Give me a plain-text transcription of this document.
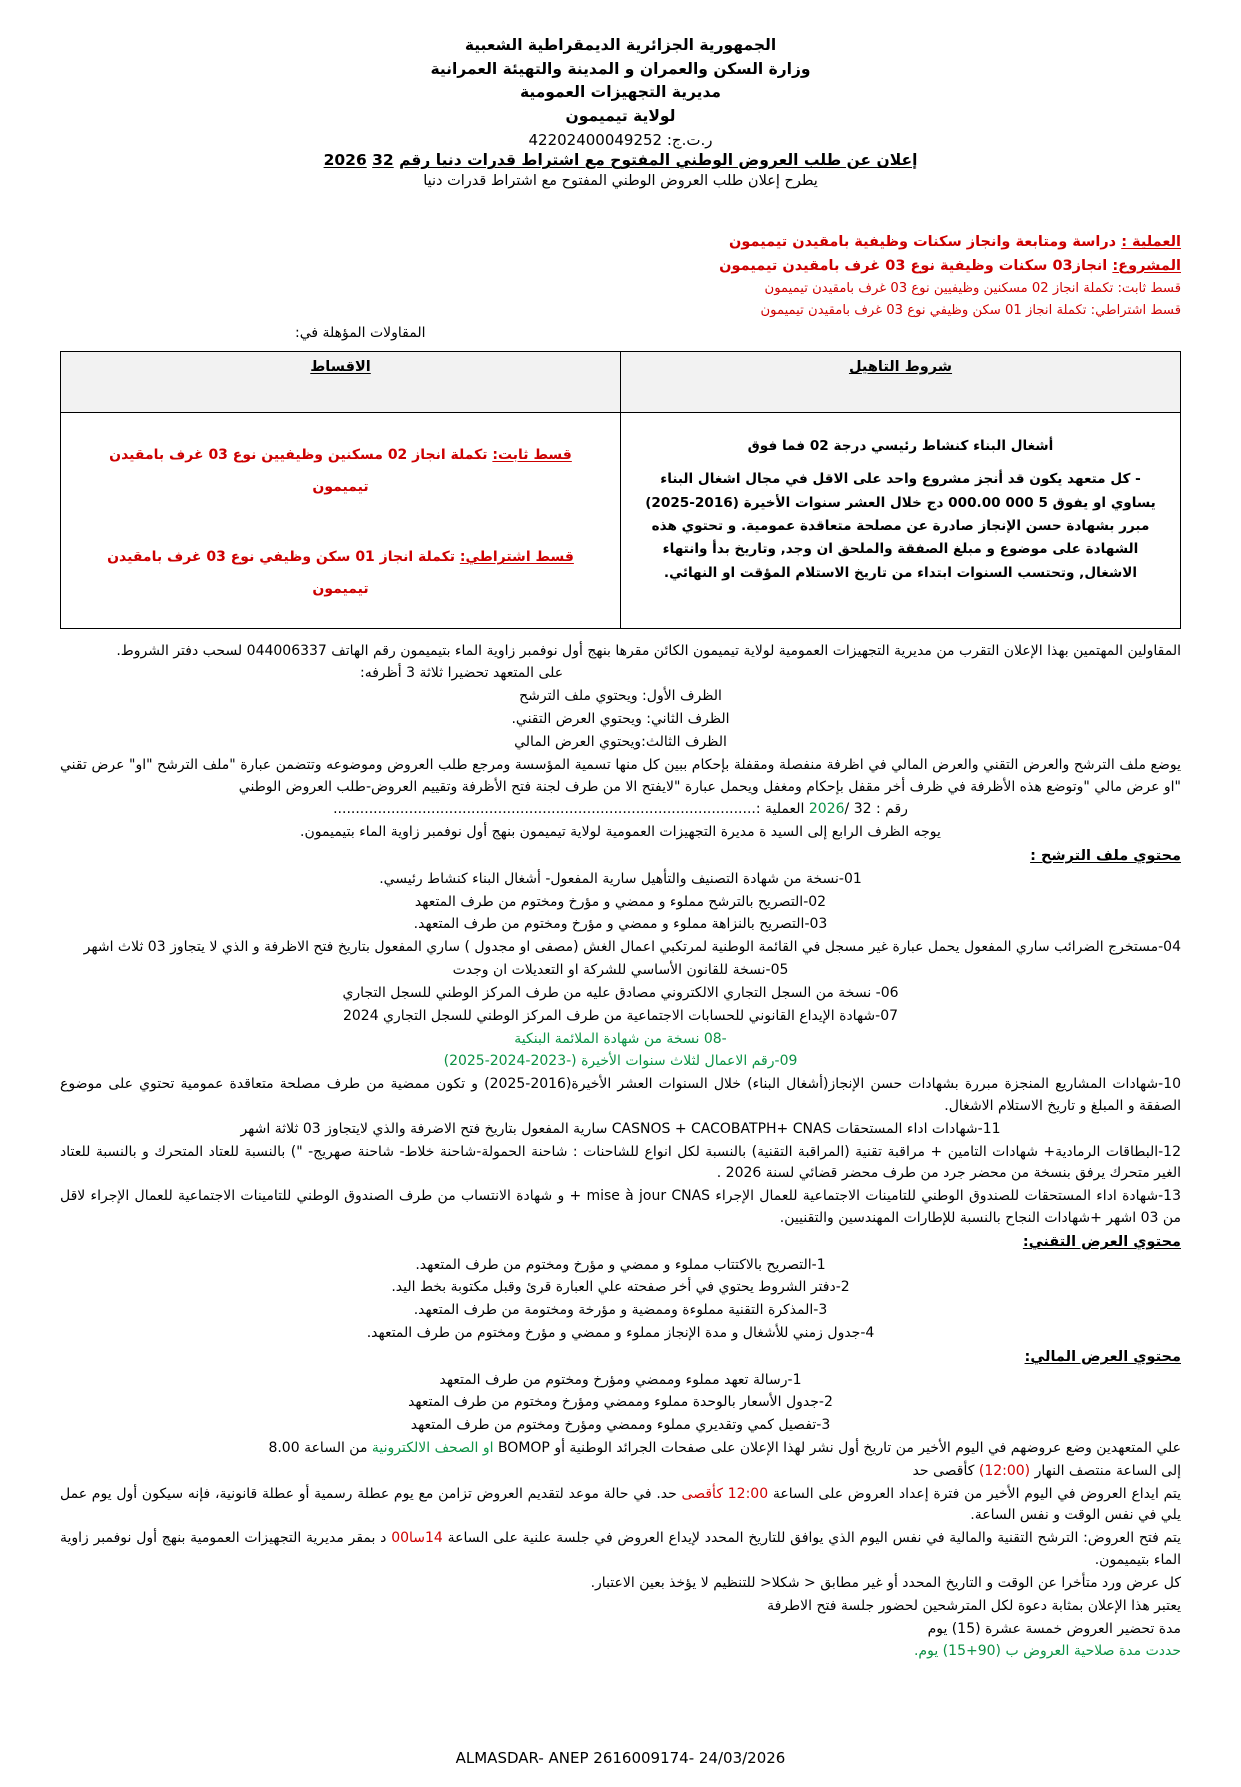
الجمهورية الجزائرية الديمقراطية الشعبية
وزارة السكن والعمران و المدينة والتهيئة العمرانية
مديرية التجهيزات العمومية
لولاية تيميمون
ر.ت.ج: 42202400049252
إعلان عن طلب العروض الوطني المفتوح مع اشتراط قدرات دنيا رقم 32 2026
يطرح إعلان طلب العروض الوطني المفتوح مع اشتراط قدرات دنيا
العملية : دراسة ومتابعة وانجاز سكنات وظيفية بامقيدن تيميمون
المشروع: انجاز03 سكنات وظيفية نوع 03 غرف بامقيدن تيميمون
قسط ثابت: تكملة انجاز 02 مسكنين وظيفيين نوع 03 غرف بامقيدن تيميمون
قسط اشتراطي: تكملة انجاز 01 سكن وظيفي نوع 03 غرف بامقيدن تيميمون
المقاولات المؤهلة في:
شروط التاهيل	الاقساط

أشغال البناء كنشاط رئيسي درجة 02 فما فوق
- كل متعهد يكون قد أنجز مشروع واحد على الاقل في مجال اشغال البناء يساوي او يفوق 5 000 000.00 دج خلال العشر سنوات الأخيرة (2016-2025) مبرر بشهادة حسن الإنجاز صادرة عن مصلحة متعاقدة عمومية. و تحتوي هذه الشهادة على موضوع و مبلغ الصفقة والملحق ان وجد, وتاريخ بدأ وانتهاء الاشغال, وتحتسب السنوات ابتداء من تاريخ الاستلام المؤقت او النهائي.

قسط ثابت: تكملة انجاز 02 مسكنين وظيفيين نوع 03 غرف بامقيدن
تيميمون
قسط اشتراطي: تكملة انجاز 01 سكن وظيفي نوع 03 غرف بامقيدن
تيميمون

المقاولين المهتمين بهذا الإعلان التقرب من مديرية التجهيزات العمومية لولاية تيميمون الكائن مقرها بنهج أول نوفمبر زاوية الماء بتيميمون رقم الهاتف 044006337 لسحب دفتر الشروط.

على المتعهد تحضيرا ثلاثة 3 أظرفه:

الظرف الأول: ويحتوي ملف الترشح

الظرف الثاني: ويحتوي العرض التقني.

الظرف الثالث:ويحتوي العرض المالي

يوضع ملف الترشح والعرض التقني والعرض المالي في اظرفة منفصلة ومقفلة بإحكام ببين كل منها تسمية المؤسسة ومرجع طلب العروض وموضوعه وتتضمن عبارة "ملف الترشح "او" عرض تقني "او عرض مالي "وتوضع هذه الأظرفة في ظرف أخر مقفل بإحكام ومغفل ويحمل عبارة "لايفتح الا من طرف لجنة فتح الأظرفة وتقييم العروض-طلب العروض الوطني

رقم : 32 /2026 العملية :...............................................................................................

يوجه الظرف الرابع إلى السيد ة مديرة التجهيزات العمومية لولاية تيميمون بنهج أول نوفمبر زاوية الماء بتيميمون.

محتوي ملف الترشح :

01-نسخة من شهادة التصنيف والتأهيل سارية المفعول- أشغال البناء كنشاط رئيسي.

02-التصريح بالترشح مملوء و ممضي و مؤرخ ومختوم من طرف المتعهد

03-التصريح بالنزاهة مملوء و ممضي و مؤرخ ومختوم من طرف المتعهد.

04-مستخرج الضرائب ساري المفعول يحمل عبارة غير مسجل في القائمة الوطنية لمرتكبي اعمال الغش (مصفى او مجدول ) ساري المفعول بتاريخ فتح الاظرفة و الذي لا يتجاوز 03 ثلاث اشهر

05-نسخة للقانون الأساسي للشركة او التعديلات ان وجدت

06- نسخة من السجل التجاري الالكتروني مصادق عليه من طرف المركز الوطني للسجل التجاري

07-شهادة الإيداع القانوني للحسابات الاجتماعية من طرف المركز الوطني للسجل التجاري 2024

-08 نسخة من شهادة الملائمة البنكية

09-رقم الاعمال لثلاث سنوات الأخيرة (-2023-2024-2025)

10-شهادات المشاريع المنجزة مبررة بشهادات حسن الإنجاز(أشغال البناء) خلال السنوات العشر الأخيرة(2016-2025) و تكون ممضية من طرف مصلحة متعاقدة عمومية تحتوي على موضوع الصفقة و المبلغ و تاريخ الاستلام الاشغال.

11-شهادات اداء المستحقات CASNOS + CACOBATPH+ CNAS سارية المفعول بتاريخ فتح الاضرفة والذي لايتجاوز 03 ثلاثة اشهر

12-البطاقات الرمادية+ شهادات التامين + مراقبة تقنية (المراقبة التقنية) بالنسبة لكل انواع للشاحنات : شاحنة الحمولة-شاحنة خلاط- شاحنة صهريج- ") بالنسبة للعتاد المتحرك و بالنسبة للعتاد الغير متحرك يرفق بنسخة من محضر جرد من طرف محضر قضائي لسنة 2026 .

13-شهادة اداء المستحقات للصندوق الوطني للتامينات الاجتماعية للعمال الإجراء mise à jour CNAS + و شهادة الانتساب من طرف الصندوق الوطني للتامينات الاجتماعية للعمال الإجراء لاقل من 03 اشهر +شهادات النجاح بالنسبة للإطارات المهندسين والتقنيين.

محتوي العرض التقني:

1-التصريح بالاكتتاب مملوء و ممضي و مؤرخ ومختوم من طرف المتعهد.

2-دفتر الشروط يحتوي في أخر صفحته علي العبارة قرئ وقبل مكتوبة بخط اليد.

3-المذكرة التقنية مملوءة وممضية و مؤرخة ومختومة من طرف المتعهد.

4-جدول زمني للأشغال و مدة الإنجاز مملوء و ممضي و مؤرخ ومختوم من طرف المتعهد.

محتوي العرض المالي:

1-رسالة تعهد مملوء وممضي ومؤرخ ومختوم من طرف المتعهد

2-جدول الأسعار بالوحدة مملوء وممضي ومؤرخ ومختوم من طرف المتعهد

3-تفصيل كمي وتقديري مملوء وممضي ومؤرخ ومختوم من طرف المتعهد

علي المتعهدين وضع عروضهم في اليوم الأخير من تاريخ أول نشر لهذا الإعلان على صفحات الجرائد الوطنية أو BOMOP او الصحف الالكترونية من الساعة 8.00

إلى الساعة منتصف النهار (12:00) كأقصى حد

يتم ايداع العروض في اليوم الأخير من فترة إعداد العروض على الساعة 12:00 كأقصى حد. في حالة موعد لتقديم العروض تزامن مع يوم عطلة رسمية أو عطلة قانونية، فإنه سيكون أول يوم عمل يلي في نفس الوقت و نفس الساعة.

يتم فتح العروض: الترشح التقنية والمالية في نفس اليوم الذي يوافق للتاريخ المحدد لإيداع العروض في جلسة علنية على الساعة 14سا00 د بمقر مديرية التجهيزات العمومية بنهج أول نوفمبر زاوية الماء بتيميمون.

كل عرض ورد متأخرا عن الوقت و التاريخ المحدد أو غير مطابق < شكلا< للتنظيم لا يؤخذ بعين الاعتبار.

يعتبر هذا الإعلان بمثابة دعوة لكل المترشحين لحضور جلسة فتح الاطرفة

مدة تحضير العروض خمسة عشرة (15) يوم

حددت مدة صلاحية العروض ب (90+15) يوم.

ALMASDAR- ANEP 2616009174- 24/03/2026
